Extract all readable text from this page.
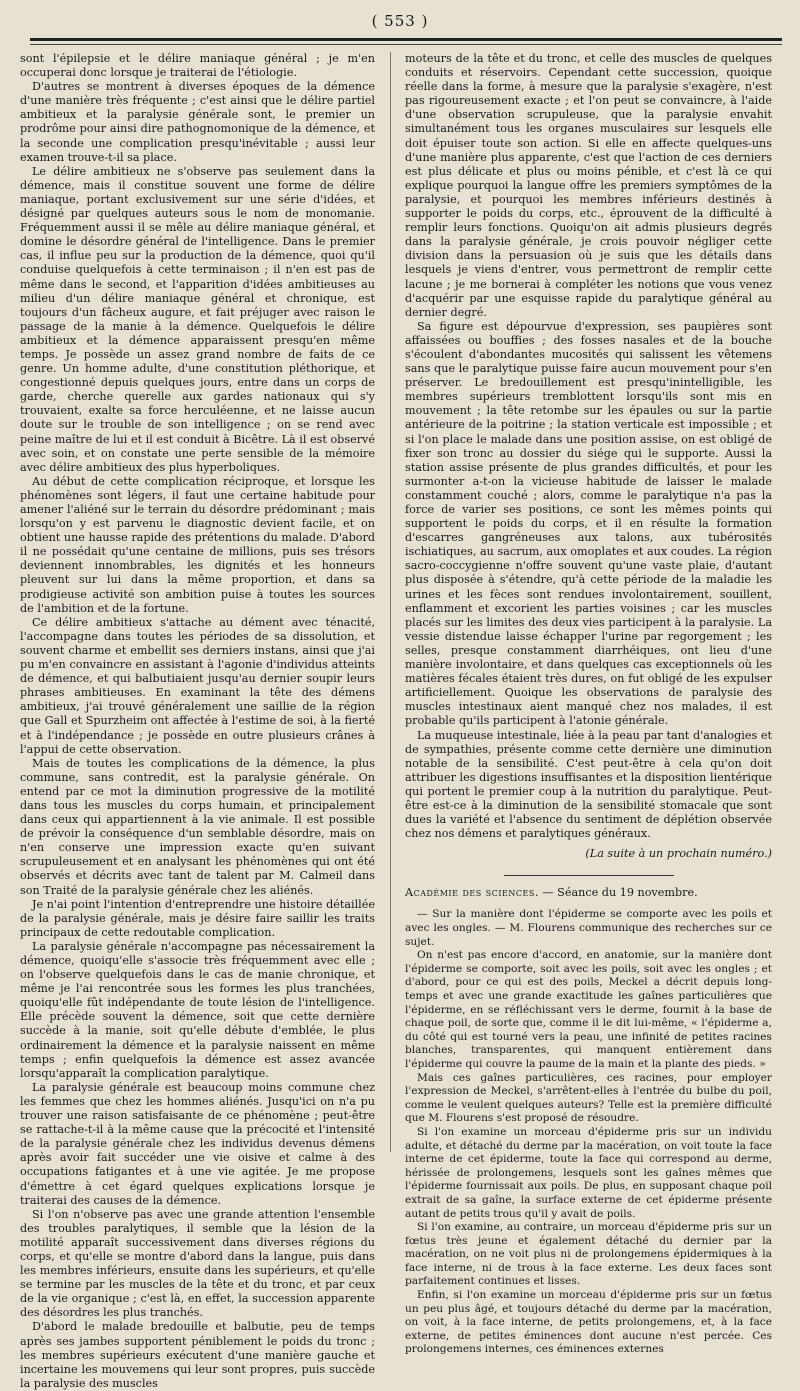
( 553 )

sont l'épilepsie et le délire maniaque général ; je m'en occuperai donc lorsque je traiterai de l'étiologie.

D'autres se montrent à diverses époques de la démence d'une manière très fréquente ; c'est ainsi que le délire partiel ambitieux et la paralysie générale sont, le premier un prodrôme pour ainsi dire pathognomonique de la démence, et la seconde une complication presqu'inévitable ; aussi leur examen trouve-t-il sa place.

Le délire ambitieux ne s'observe pas seulement dans la démence, mais il constitue souvent une forme de délire maniaque, portant exclusivement sur une série d'idées, et désigné par quelques auteurs sous le nom de monomanie. Fréquemment aussi il se mêle au délire maniaque général, et domine le désordre général de l'intelligence. Dans le premier cas, il influe peu sur la production de la démence, quoi qu'il conduise quelquefois à cette terminaison ; il n'en est pas de même dans le second, et l'apparition d'idées ambitieuses au milieu d'un délire maniaque général et chronique, est toujours d'un fâcheux augure, et fait préjuger avec raison le passage de la manie à la démence. Quelquefois le délire ambitieux et la démence apparaissent presqu'en même temps. Je possède un assez grand nombre de faits de ce genre. Un homme adulte, d'une constitution pléthorique, et congestionné depuis quelques jours, entre dans un corps de garde, cherche querelle aux gardes nationaux qui s'y trouvaient, exalte sa force herculéenne, et ne laisse aucun doute sur le trouble de son intelligence ; on se rend avec peine maître de lui et il est conduit à Bicêtre. Là il est observé avec soin, et on constate une perte sensible de la mémoire avec délire ambitieux des plus hyperboliques.

Au début de cette complication réciproque, et lorsque les phénomènes sont légers, il faut une certaine habitude pour amener l'aliéné sur le terrain du désordre prédominant ; mais lorsqu'on y est parvenu le diagnostic devient facile, et on obtient une hausse rapide des prétentions du malade. D'abord il ne possédait qu'une centaine de millions, puis ses trésors deviennent innombrables, les dignités et les honneurs pleuvent sur lui dans la même proportion, et dans sa prodigieuse activité son ambition puise à toutes les sources de l'ambition et de la fortune.

Ce délire ambitieux s'attache au dément avec ténacité, l'accompagne dans toutes les périodes de sa dissolution, et souvent charme et embellit ses derniers instans, ainsi que j'ai pu m'en convaincre en assistant à l'agonie d'individus atteints de démence, et qui balbutiaient jusqu'au dernier soupir leurs phrases ambitieuses. En examinant la tête des démens ambitieux, j'ai trouvé généralement une saillie de la région que Gall et Spurzheim ont affectée à l'estime de soi, à la fierté et à l'indépendance ; je possède en outre plusieurs crânes à l'appui de cette observation.

Mais de toutes les complications de la démence, la plus commune, sans contredit, est la paralysie générale. On entend par ce mot la diminution progressive de la motilité dans tous les muscles du corps humain, et principalement dans ceux qui appartiennent à la vie animale. Il est possible de prévoir la conséquence d'un semblable désordre, mais on n'en conserve une impression exacte qu'en suivant scrupuleusement et en analysant les phénomènes qui ont été observés et décrits avec tant de talent par M. Calmeil dans son Traité de la paralysie générale chez les aliénés.

Je n'ai point l'intention d'entreprendre une histoire détaillée de la paralysie générale, mais je désire faire saillir les traits principaux de cette redoutable complication.

La paralysie générale n'accompagne pas nécessairement la démence, quoiqu'elle s'associe très fréquemment avec elle ; on l'observe quelquefois dans le cas de manie chronique, et même je l'ai rencontrée sous les formes les plus tranchées, quoiqu'elle fût indépendante de toute lésion de l'intelligence. Elle précède souvent la démence, soit que cette dernière succède à la manie, soit qu'elle débute d'emblée, le plus ordinairement la démence et la paralysie naissent en même temps ; enfin quelquefois la démence est assez avancée lorsqu'apparaît la complication paralytique.

La paralysie générale est beaucoup moins commune chez les femmes que chez les hommes aliénés. Jusqu'ici on n'a pu trouver une raison satisfaisante de ce phénomène ; peut-être se rattache-t-il à la même cause que la précocité et l'intensité de la paralysie générale chez les individus devenus démens après avoir fait succéder une vie oisive et calme à des occupations fatigantes et à une vie agitée. Je me propose d'émettre à cet égard quelques explications lorsque je traiterai des causes de la démence.

Si l'on n'observe pas avec une grande attention l'ensemble des troubles paralytiques, il semble que la lésion de la motilité apparaît successivement dans diverses régions du corps, et qu'elle se montre d'abord dans la langue, puis dans les membres inférieurs, ensuite dans les supérieurs, et qu'elle se termine par les muscles de la tête et du tronc, et par ceux de la vie organique ; c'est là, en effet, la succession apparente des désordres les plus tranchés.

D'abord le malade bredouille et balbutie, peu de temps après ses jambes supportent péniblement le poids du tronc ; les membres supérieurs exécutent d'une manière gauche et incertaine les mouvemens qui leur sont propres, puis succède la paralysie des muscles

moteurs de la tête et du tronc, et celle des muscles de quelques conduits et réservoirs. Cependant cette succession, quoique réelle dans la forme, à mesure que la paralysie s'exagère, n'est pas rigoureusement exacte ; et l'on peut se convaincre, à l'aide d'une observation scrupuleuse, que la paralysie envahit simultanément tous les organes musculaires sur lesquels elle doit épuiser toute son action. Si elle en affecte quelques-uns d'une manière plus apparente, c'est que l'action de ces derniers est plus délicate et plus ou moins pénible, et c'est là ce qui explique pourquoi la langue offre les premiers symptômes de la paralysie, et pourquoi les membres inférieurs destinés à supporter le poids du corps, etc., éprouvent de la difficulté à remplir leurs fonctions. Quoiqu'on ait admis plusieurs degrés dans la paralysie générale, je crois pouvoir négliger cette division dans la persuasion où je suis que les détails dans lesquels je viens d'entrer, vous permettront de remplir cette lacune ; je me bornerai à compléter les notions que vous venez d'acquérir par une esquisse rapide du paralytique général au dernier degré.

Sa figure est dépourvue d'expression, ses paupières sont affaissées ou bouffies ; des fosses nasales et de la bouche s'écoulent d'abondantes mucosités qui salissent les vêtemens sans que le paralytique puisse faire aucun mouvement pour s'en préserver. Le bredouillement est presqu'inintelligible, les membres supérieurs tremblottent lorsqu'ils sont mis en mouvement ; la tête retombe sur les épaules ou sur la partie antérieure de la poitrine ; la station verticale est impossible ; et si l'on place le malade dans une position assise, on est obligé de fixer son tronc au dossier du siége qui le supporte. Aussi la station assise présente de plus grandes difficultés, et pour les surmonter a-t-on la vicieuse habitude de laisser le malade constamment couché ; alors, comme le paralytique n'a pas la force de varier ses positions, ce sont les mêmes points qui supportent le poids du corps, et il en résulte la formation d'escarres gangréneuses aux talons, aux tubérosités ischiatiques, au sacrum, aux omoplates et aux coudes. La région sacro-coccygienne n'offre souvent qu'une vaste plaie, d'autant plus disposée à s'étendre, qu'à cette période de la maladie les urines et les fèces sont rendues involontairement, souillent, enflamment et excorient les parties voisines ; car les muscles placés sur les limites des deux vies participent à la paralysie. La vessie distendue laisse échapper l'urine par regorgement ; les selles, presque constamment diarrhéiques, ont lieu d'une manière involontaire, et dans quelques cas exceptionnels où les matières fécales étaient très dures, on fut obligé de les expulser artificiellement. Quoique les observations de paralysie des muscles intestinaux aient manqué chez nos malades, il est probable qu'ils participent à l'atonie générale.

La muqueuse intestinale, liée à la peau par tant d'analogies et de sympathies, présente comme cette dernière une diminution notable de la sensibilité. C'est peut-être à cela qu'on doit attribuer les digestions insuffisantes et la disposition lientérique qui portent le premier coup à la nutrition du paralytique. Peut-être est-ce à la diminution de la sensibilité stomacale que sont dues la variété et l'absence du sentiment de déplétion observée chez nos démens et paralytiques généraux.

(La suite à un prochain numéro.)

Académie des sciences. — Séance du 19 novembre.

— Sur la manière dont l'épiderme se comporte avec les poils et avec les ongles. — M. Flourens communique des recherches sur ce sujet.

On n'est pas encore d'accord, en anatomie, sur la manière dont l'épiderme se comporte, soit avec les poils, soit avec les ongles ; et d'abord, pour ce qui est des poils, Meckel a décrit depuis long-temps et avec une grande exactitude les gaînes particulières que l'épiderme, en se réfléchissant vers le derme, fournit à la base de chaque poil, de sorte que, comme il le dit lui-même, « l'épiderme a, du côté qui est tourné vers la peau, une infinité de petites racines blanches, transparentes, qui manquent entièrement dans l'épiderme qui couvre la paume de la main et la plante des pieds. »

Mais ces gaînes particulières, ces racines, pour employer l'expression de Meckel, s'arrêtent-elles à l'entrée du bulbe du poil, comme le veulent quelques auteurs? Telle est la première difficulté que M. Flourens s'est proposé de résoudre.

Si l'on examine un morceau d'épiderme pris sur un individu adulte, et détaché du derme par la macération, on voit toute la face interne de cet épiderme, toute la face qui correspond au derme, hérissée de prolongemens, lesquels sont les gaînes mêmes que l'épiderme fournissait aux poils. De plus, en supposant chaque poil extrait de sa gaîne, la surface externe de cet épiderme présente autant de petits trous qu'il y avait de poils.

Si l'on examine, au contraire, un morceau d'épiderme pris sur un fœtus très jeune et également détaché du dernier par la macération, on ne voit plus ni de prolongemens épidermiques à la face interne, ni de trous à la face externe. Les deux faces sont parfaitement continues et lisses.

Enfin, si l'on examine un morceau d'épiderme pris sur un fœtus un peu plus âgé, et toujours détaché du derme par la macération, on voit, à la face interne, de petits prolongemens, et, à la face externe, de petites éminences dont aucune n'est percée. Ces prolongemens internes, ces éminences externes
